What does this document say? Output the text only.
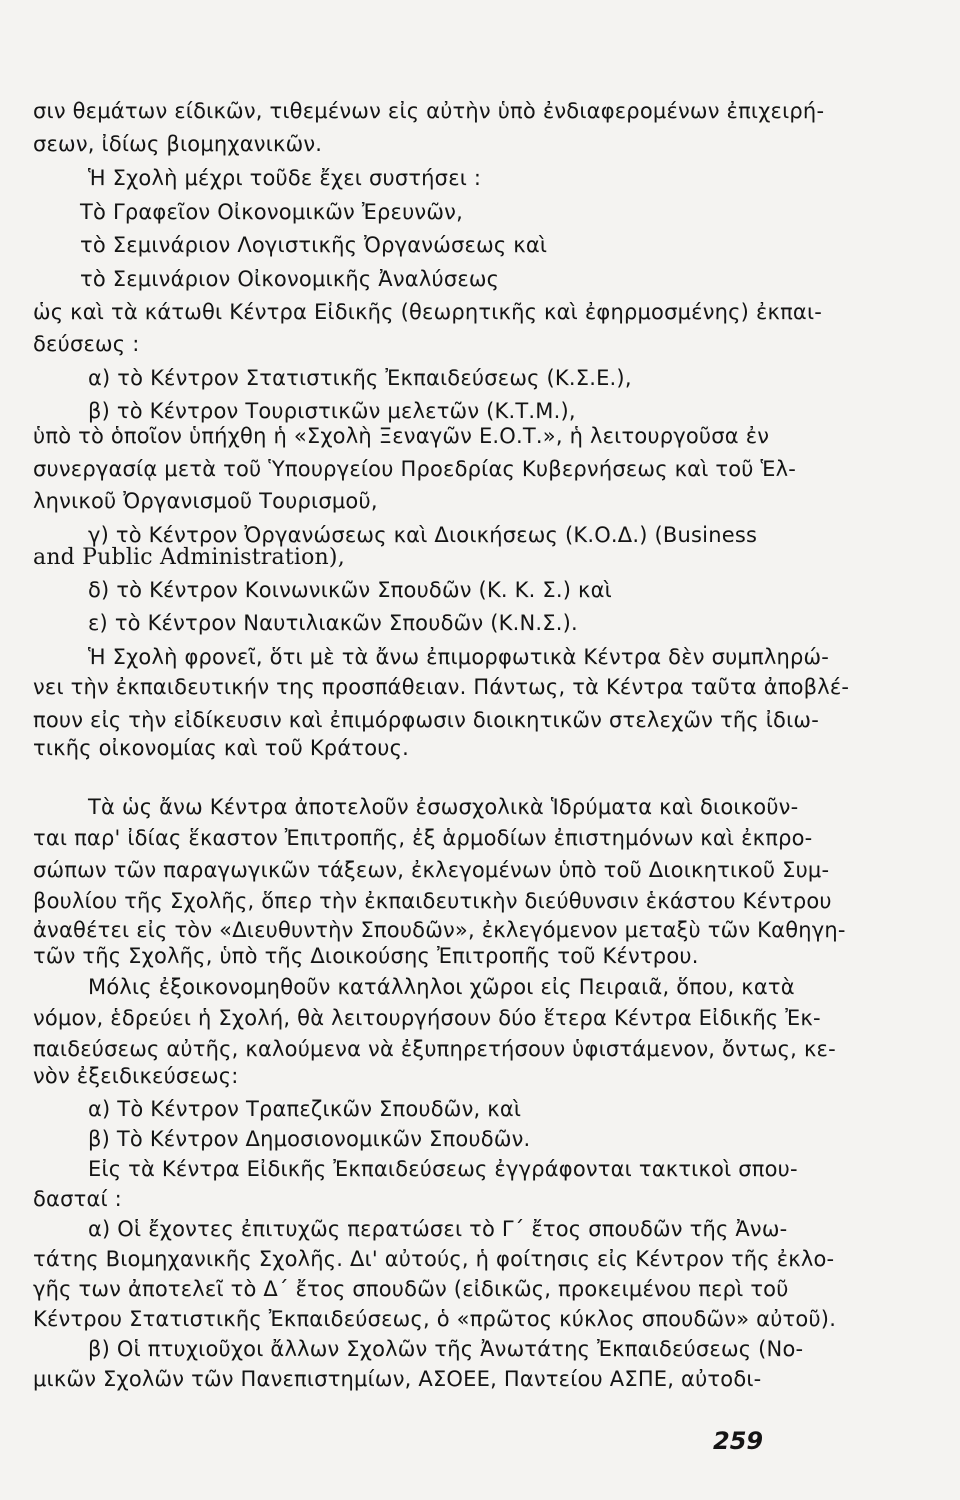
σιν θεμάτων είδικῶν, τιθεμένων εἰς αὐτὴν ὑπὸ ἐνδιαφερομένων ἐπιχειρή-
σεων, ἰδίως βιομηχανικῶν.
Ἡ Σχολὴ μέχρι τοῦδε ἔχει συστήσει :
Τὸ Γραφεῖον Οἰκονομικῶν Ἐρευνῶν,
τὸ Σεμινάριον Λογιστικῆς Ὀργανώσεως καὶ
τὸ Σεμινάριον Οἰκονομικῆς Ἀναλύσεως
ὡς καὶ τὰ κάτωθι Κέντρα Εἰδικῆς (θεωρητικῆς καὶ ἐφηρμοσμένης) ἐκπαι-
δεύσεως :
α) τὸ Κέντρον Στατιστικῆς Ἐκπαιδεύσεως (Κ.Σ.Ε.),
β) τὸ Κέντρον Τουριστικῶν μελετῶν (Κ.Τ.Μ.),
ὑπὸ τὸ ὁποῖον ὑπήχθη ἡ «Σχολὴ Ξεναγῶν Ε.Ο.Τ.», ἡ λειτουργοῦσα ἐν
συνεργασίᾳ μετὰ τοῦ Ὑπουργείου Προεδρίας Κυβερνήσεως καὶ τοῦ Ἑλ-
ληνικοῦ Ὀργανισμοῦ Τουρισμοῦ,
γ) τὸ Κέντρον Ὀργανώσεως καὶ Διοικήσεως (Κ.Ο.Δ.) (Business
and Public Administration),
δ) τὸ Κέντρον Κοινωνικῶν Σπουδῶν (Κ. Κ. Σ.) καὶ
ε) τὸ Κέντρον Ναυτιλιακῶν Σπουδῶν (Κ.Ν.Σ.).
Ἡ Σχολὴ φρονεῖ, ὅτι μὲ τὰ ἄνω ἐπιμορφωτικὰ Κέντρα δὲν συμπληρώ-
νει τὴν ἐκπαιδευτικήν της προσπάθειαν. Πάντως, τὰ Κέντρα ταῦτα ἀποβλέ-
πουν εἰς τὴν εἰδίκευσιν καὶ ἐπιμόρφωσιν διοικητικῶν στελεχῶν τῆς ἰδιω-
τικῆς οἰκονομίας καὶ τοῦ Κράτους.
Τὰ ὡς ἄνω Κέντρα ἀποτελοῦν ἐσωσχολικὰ Ἱδρύματα καὶ διοικοῦν-
ται παρ' ἰδίας ἕκαστον Ἐπιτροπῆς, ἐξ ἁρμοδίων ἐπιστημόνων καὶ ἐκπρο-
σώπων τῶν παραγωγικῶν τάξεων, ἐκλεγομένων ὑπὸ τοῦ Διοικητικοῦ Συμ-
βουλίου τῆς Σχολῆς, ὅπερ τὴν ἐκπαιδευτικὴν διεύθυνσιν ἑκάστου Κέντρου
ἀναθέτει εἰς τὸν «Διευθυντὴν Σπουδῶν», ἐκλεγόμενον μεταξὺ τῶν Καθηγη-
τῶν τῆς Σχολῆς, ὑπὸ τῆς Διοικούσης Ἐπιτροπῆς τοῦ Κέντρου.
Μόλις ἐξοικονομηθοῦν κατάλληλοι χῶροι εἰς Πειραιᾶ, ὅπου, κατὰ
νόμον, ἑδρεύει ἡ Σχολή, θὰ λειτουργήσουν δύο ἕτερα Κέντρα Εἰδικῆς Ἐκ-
παιδεύσεως αὐτῆς, καλούμενα νὰ ἐξυπηρετήσουν ὑφιστάμενον, ὄντως, κε-
νὸν ἐξειδικεύσεως:
α) Τὸ Κέντρον Τραπεζικῶν Σπουδῶν, καὶ
β) Τὸ Κέντρον Δημοσιονομικῶν Σπουδῶν.
Εἰς τὰ Κέντρα Εἰδικῆς Ἐκπαιδεύσεως ἐγγράφονται τακτικοὶ σπου-
δασταί :
α) Οἱ ἔχοντες ἐπιτυχῶς περατώσει τὸ Γ΄ ἔτος σπουδῶν τῆς Ἀνω-
τάτης Βιομηχανικῆς Σχολῆς. Δι' αὐτούς, ἡ φοίτησις εἰς Κέντρον τῆς ἐκλο-
γῆς των ἀποτελεῖ τὸ Δ΄ ἔτος σπουδῶν (εἰδικῶς, προκειμένου περὶ τοῦ
Κέντρου Στατιστικῆς Ἐκπαιδεύσεως, ὁ «πρῶτος κύκλος σπουδῶν» αὐτοῦ).
β) Οἱ πτυχιοῦχοι ἄλλων Σχολῶν τῆς Ἀνωτάτης Ἐκπαιδεύσεως (Νο-
μικῶν Σχολῶν τῶν Πανεπιστημίων, ΑΣΟΕΕ, Παντείου ΑΣΠΕ, αὐτοδι-
259
